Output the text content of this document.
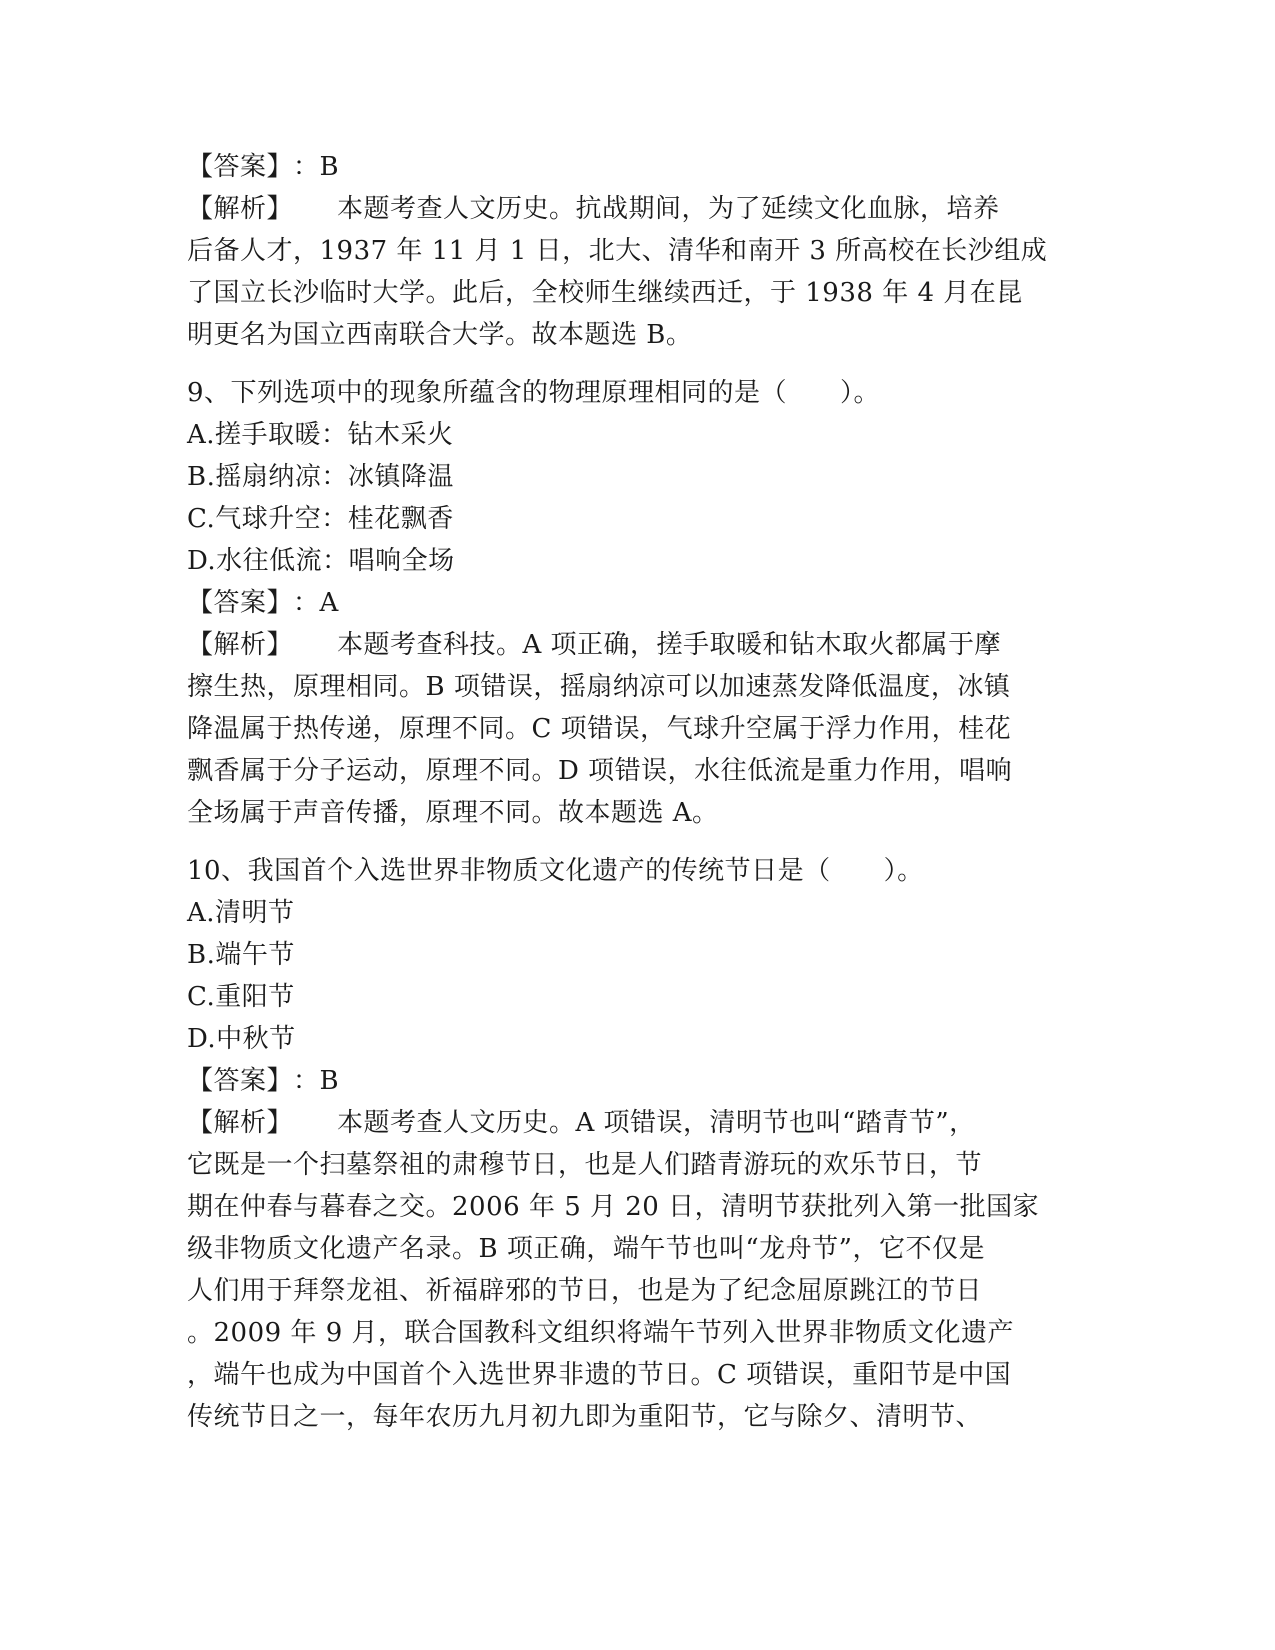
【答案】：B
【解析】 本题考查人文历史。抗战期间，为了延续文化血脉，培养
后备人才，1937 年 11 月 1 日，北大、清华和南开 3 所高校在长沙组成
了国立长沙临时大学。此后，全校师生继续西迁，于 1938 年 4 月在昆
明更名为国立西南联合大学。故本题选 B。
9、下列选项中的现象所蕴含的物理原理相同的是（　　）。
A.搓手取暖：钻木采火
B.摇扇纳凉：冰镇降温
C.气球升空：桂花飘香
D.水往低流：唱响全场
【答案】：A
【解析】 本题考查科技。A 项正确，搓手取暖和钻木取火都属于摩
擦生热，原理相同。B 项错误，摇扇纳凉可以加速蒸发降低温度，冰镇
降温属于热传递，原理不同。C 项错误，气球升空属于浮力作用，桂花
飘香属于分子运动，原理不同。D 项错误，水往低流是重力作用，唱响
全场属于声音传播，原理不同。故本题选 A。
10、我国首个入选世界非物质文化遗产的传统节日是（　　）。
A.清明节
B.端午节
C.重阳节
D.中秋节
【答案】：B
【解析】 本题考查人文历史。A 项错误，清明节也叫“踏青节”，
它既是一个扫墓祭祖的肃穆节日，也是人们踏青游玩的欢乐节日，节
期在仲春与暮春之交。2006 年 5 月 20 日，清明节获批列入第一批国家
级非物质文化遗产名录。B 项正确，端午节也叫“龙舟节”，它不仅是
人们用于拜祭龙祖、祈福辟邪的节日，也是为了纪念屈原跳江的节日
。2009 年 9 月，联合国教科文组织将端午节列入世界非物质文化遗产
，端午也成为中国首个入选世界非遗的节日。C 项错误，重阳节是中国
传统节日之一，每年农历九月初九即为重阳节，它与除夕、清明节、
